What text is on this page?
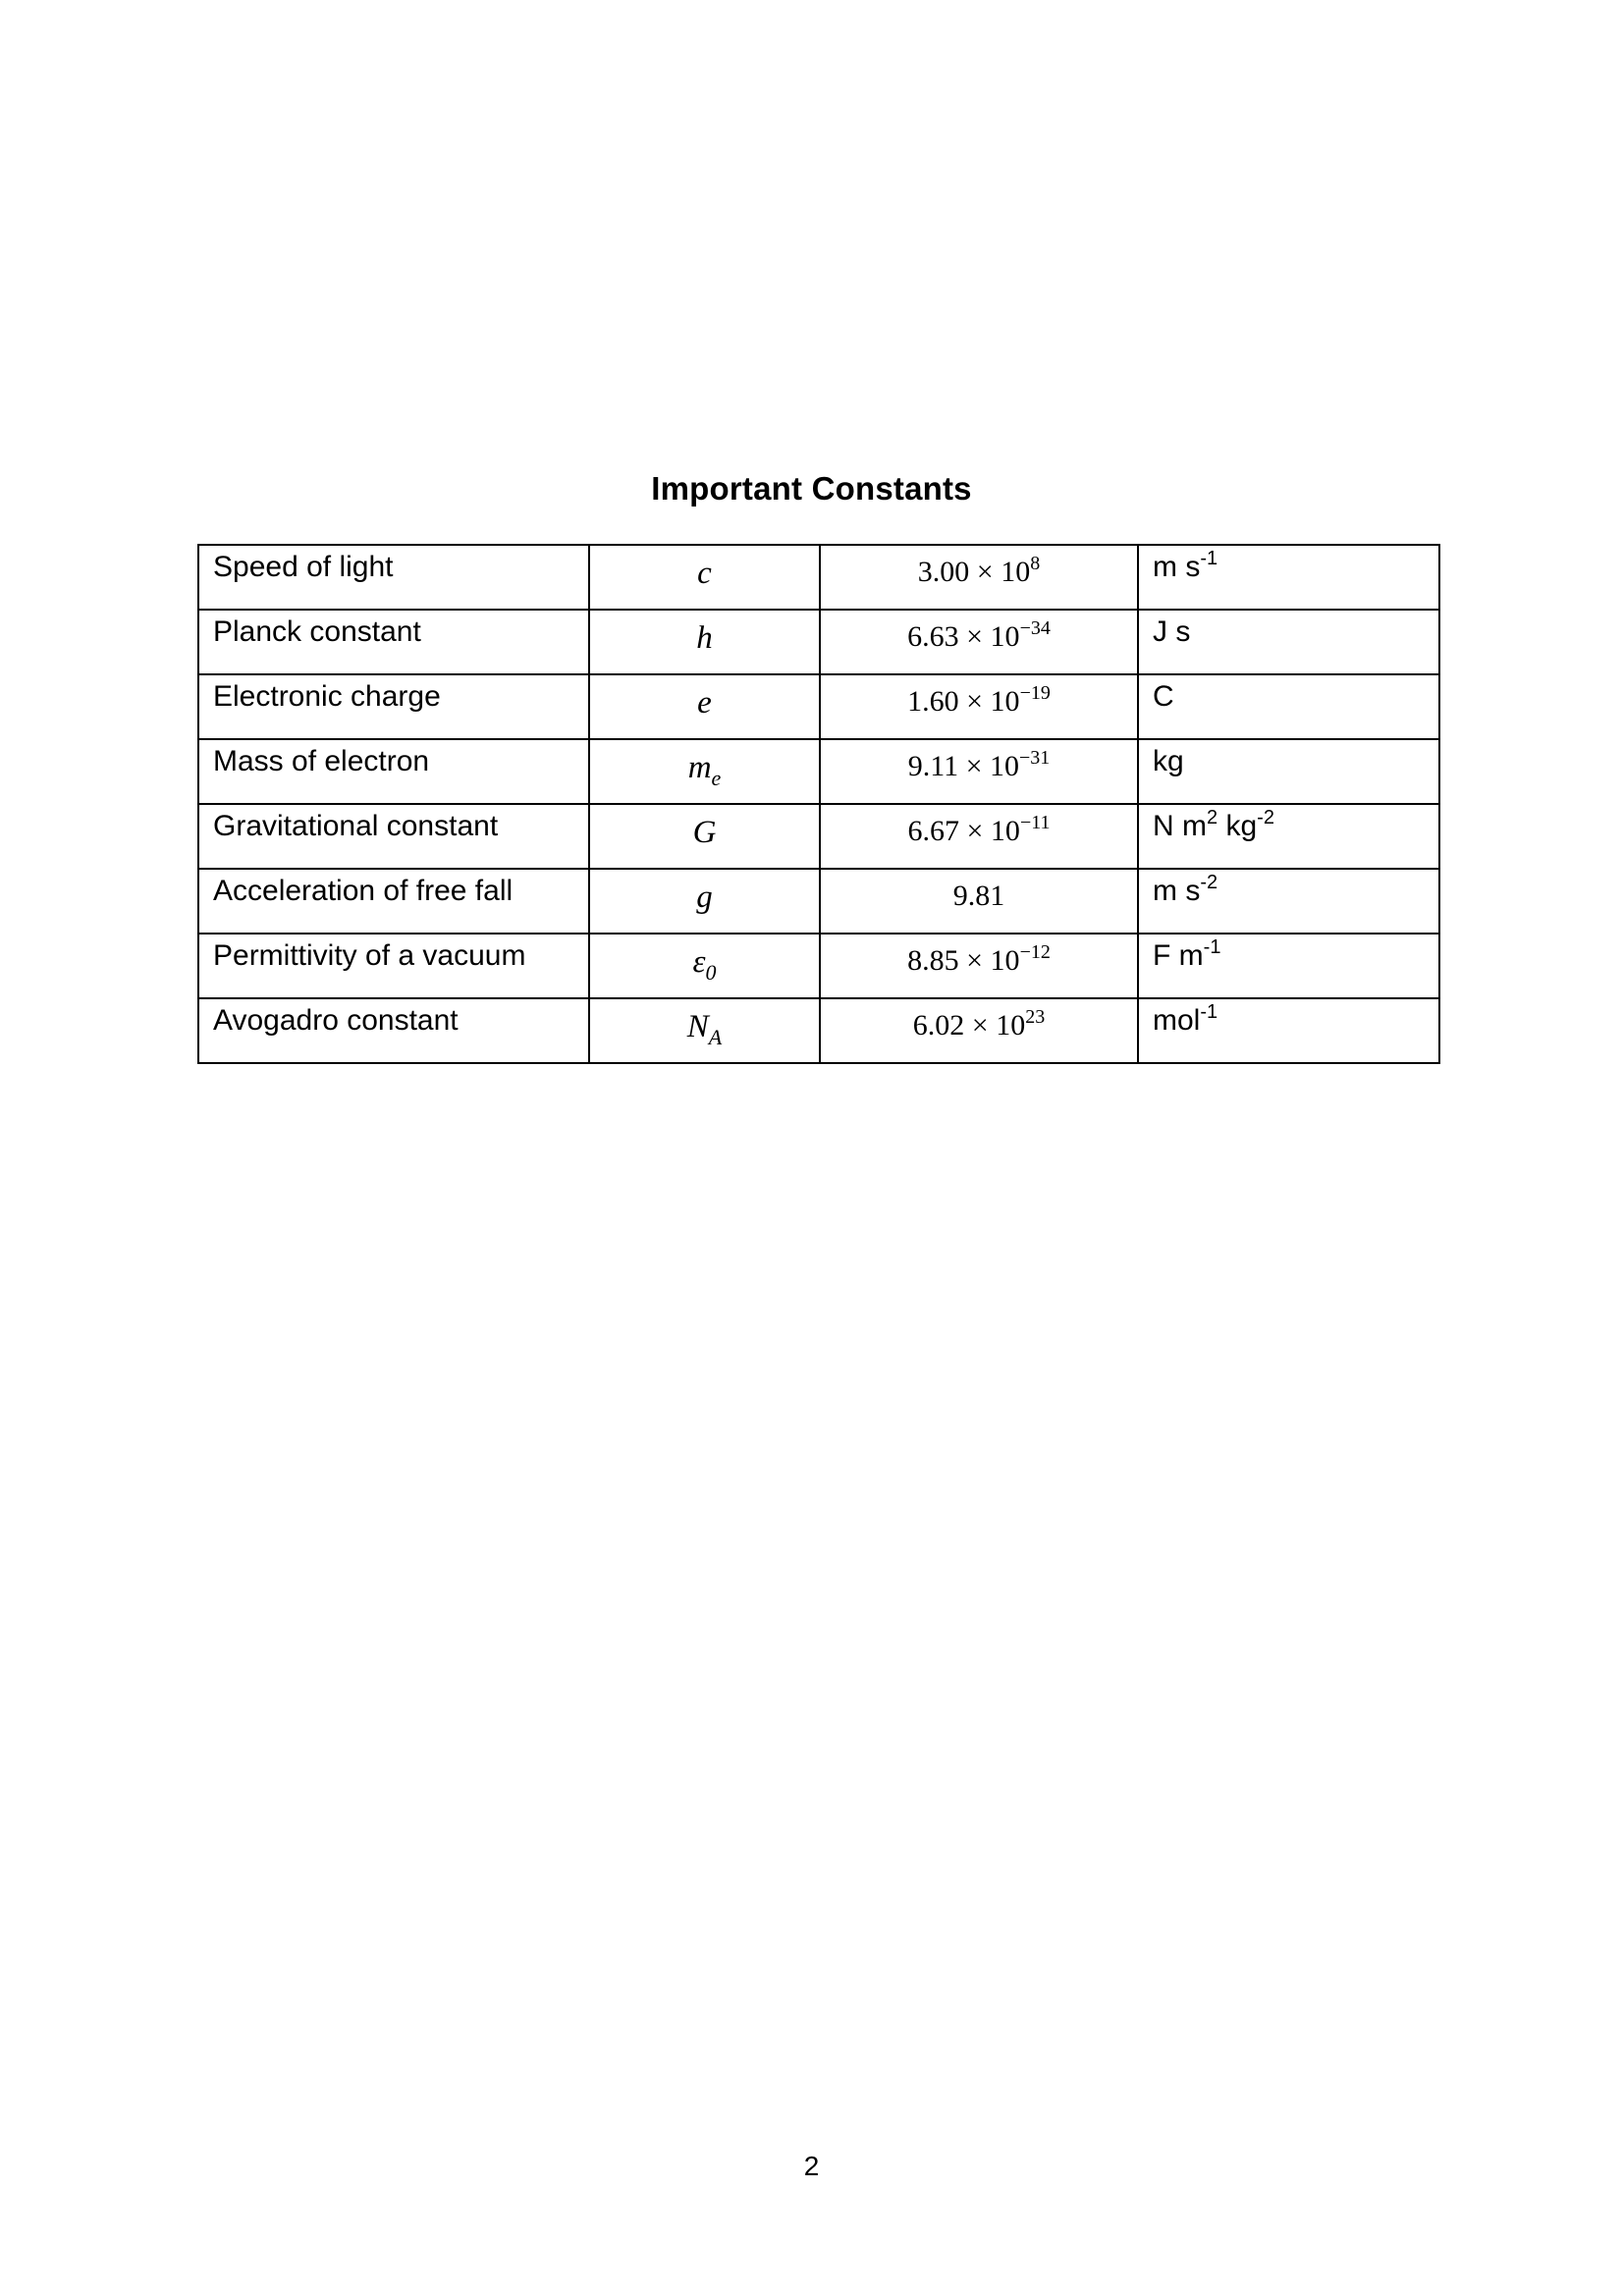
Important Constants
Speed of light	c	$3.00 \times 10^8$	m $s^{-1}$
Planck constant	h	$6.63 \times 10^{-34}$	J s
Electronic charge	e	$1.60 \times 10^{-19}$	C
Mass of electron	$m_e$	$9.11 \times 10^{-31}$	kg
Gravitational constant	G	$6.67 \times 10^{-11}$	N $m^2$ $kg^{-2}$
Acceleration of free fall	g	9.81	m $s^{-2}$
Permittivity of a vacuum	$\varepsilon_0$	$8.85 \times 10^{-12}$	F $m^{-1}$
Avogadro constant	$N_A$	$6.02 \times 10^{23}$	mol$^{-1}$
2
